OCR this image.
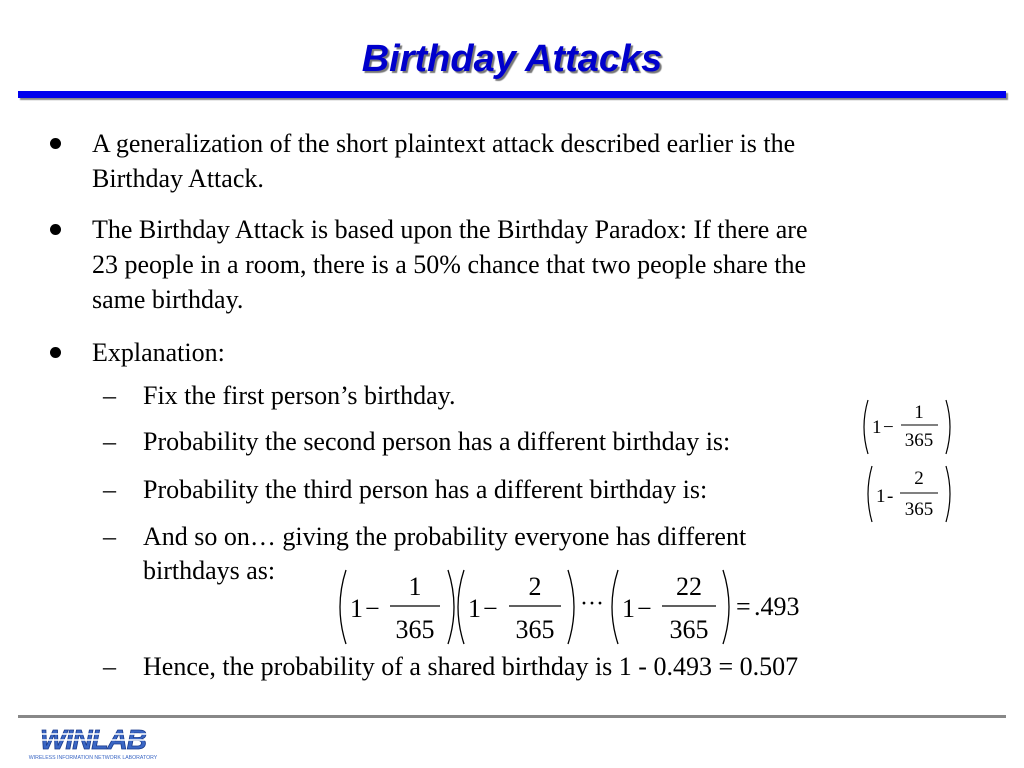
Birthday Attacks
A generalization of the short plaintext attack described earlier is the
Birthday Attack.
The Birthday Attack is based upon the Birthday Paradox: If there are
23 people in a room, there is a 50% chance that two people share the
same birthday.
Explanation:
– Fix the first person’s birthday.
– Probability the second person has a different birthday is:
– Probability the third person has a different birthday is:
– And so on… giving the probability everyone has different
birthdays as:
– Hence, the probability of a shared birthday is 1 - 0.493 = 0.507
1 −
1
365
1 -
2
365
1 −
1
365
1 −
2
365
··· 1 −
22
365
= .493
WINLAB
WIRELESS INFORMATION NETWORK LABORATORY
